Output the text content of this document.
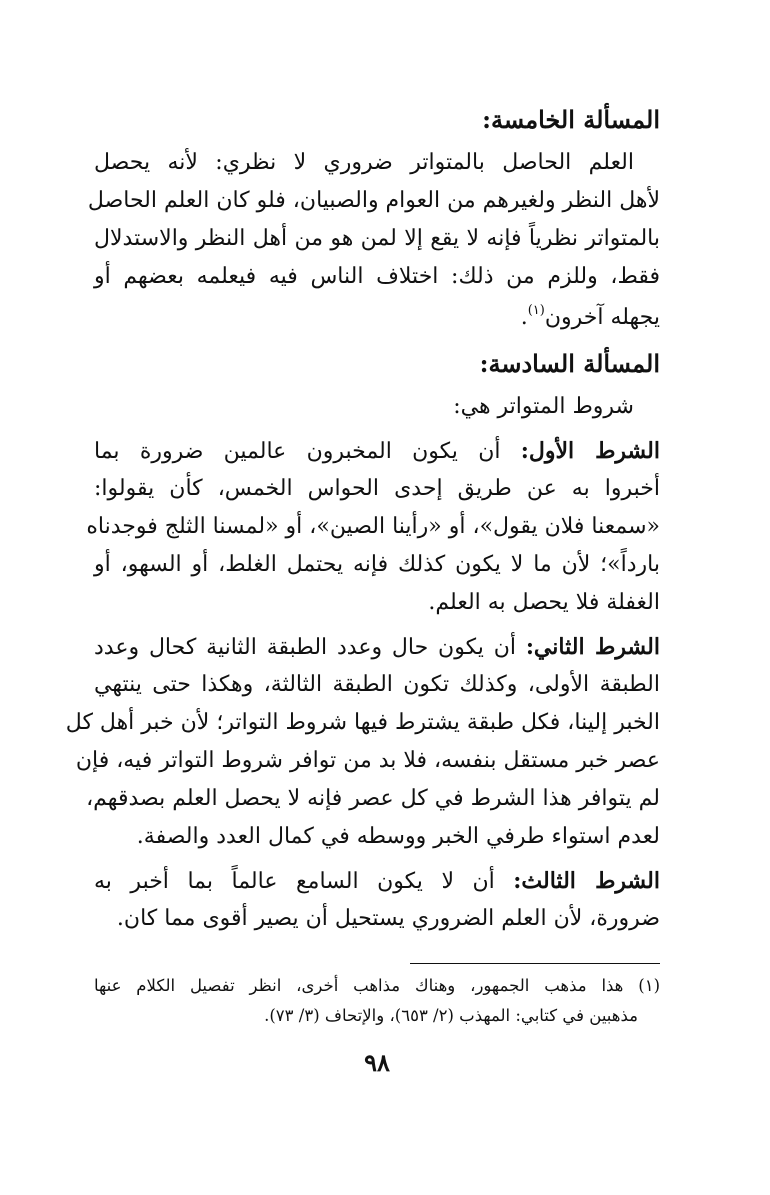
المسألة الخامسة:
العلم الحاصل بالمتواتر ضروري لا نظري: لأنه يحصل
لأهل النظر ولغيرهم من العوام والصبيان، فلو كان العلم الحاصل
بالمتواتر نظرياً فإنه لا يقع إلا لمن هو من أهل النظر والاستدلال
فقط، وللزم من ذلك: اختلاف الناس فيه فيعلمه بعضهم أو
يجهله آخرون$^{(١)}$.
المسألة السادسة:
شروط المتواتر هي:
الشرط الأول: أن يكون المخبرون عالمين ضرورة بما
أخبروا به عن طريق إحدى الحواس الخمس، كأن يقولوا:
«سمعنا فلان يقول»، أو «رأينا الصين»، أو «لمسنا الثلج فوجدناه
بارداً»؛ لأن ما لا يكون كذلك فإنه يحتمل الغلط، أو السهو، أو
الغفلة فلا يحصل به العلم.
الشرط الثاني: أن يكون حال وعدد الطبقة الثانية كحال وعدد
الطبقة الأولى، وكذلك تكون الطبقة الثالثة، وهكذا حتى ينتهي
الخبر إلينا، فكل طبقة يشترط فيها شروط التواتر؛ لأن خبر أهل كل
عصر خبر مستقل بنفسه، فلا بد من توافر شروط التواتر فيه، فإن
لم يتوافر هذا الشرط في كل عصر فإنه لا يحصل العلم بصدقهم،
لعدم استواء طرفي الخبر ووسطه في كمال العدد والصفة.
الشرط الثالث: أن لا يكون السامع عالماً بما أخبر به
ضرورة، لأن العلم الضروري يستحيل أن يصير أقوى مما كان.
(١) هذا مذهب الجمهور، وهناك مذاهب أخرى، انظر تفصيل الكلام عنها
مذهبين في كتابي: المهذب (٢/ ٦٥٣)، والإتحاف (٣/ ٧٣).
٩٨
